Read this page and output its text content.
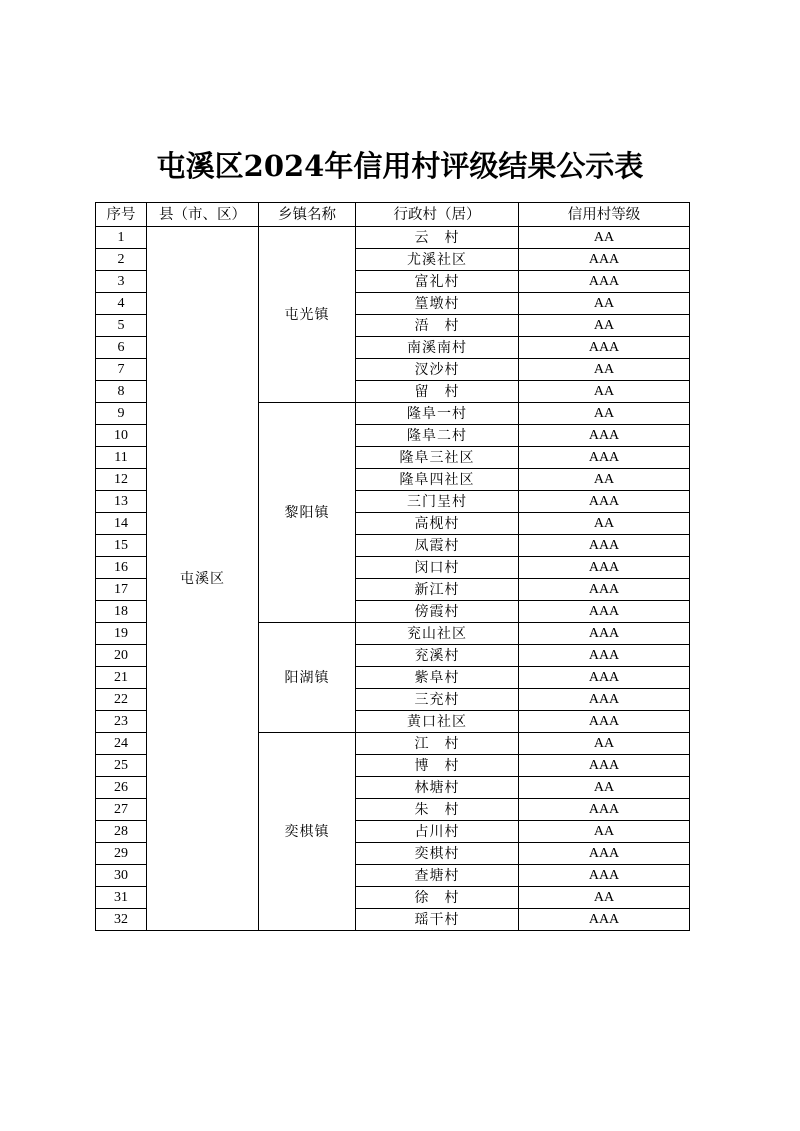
屯溪区2024年信用村评级结果公示表
序号	县（市、区）	乡镇名称	行政村（居）	信用村等级
1	屯溪区	屯光镇	云　村	AA
2			尤溪社区	AAA
3			富礼村	AAA
4			篁墩村	AA
5			浯　村	AA
6			南溪南村	AAA
7			汊沙村	AA
8			留　村	AA
9		黎阳镇	隆阜一村	AA
10			隆阜二村	AAA
11			隆阜三社区	AAA
12			隆阜四社区	AA
13			三门呈村	AAA
14			高枧村	AA
15			凤霞村	AAA
16			闵口村	AAA
17			新江村	AAA
18			傍霞村	AAA
19		阳湖镇	兖山社区	AAA
20			兖溪村	AAA
21			紫阜村	AAA
22			三充村	AAA
23			黄口社区	AAA
24		奕棋镇	江　村	AA
25			博　村	AAA
26			林塘村	AA
27			朱　村	AAA
28			占川村	AA
29			奕棋村	AAA
30			查塘村	AAA
31			徐　村	AA
32			瑶干村	AAA
